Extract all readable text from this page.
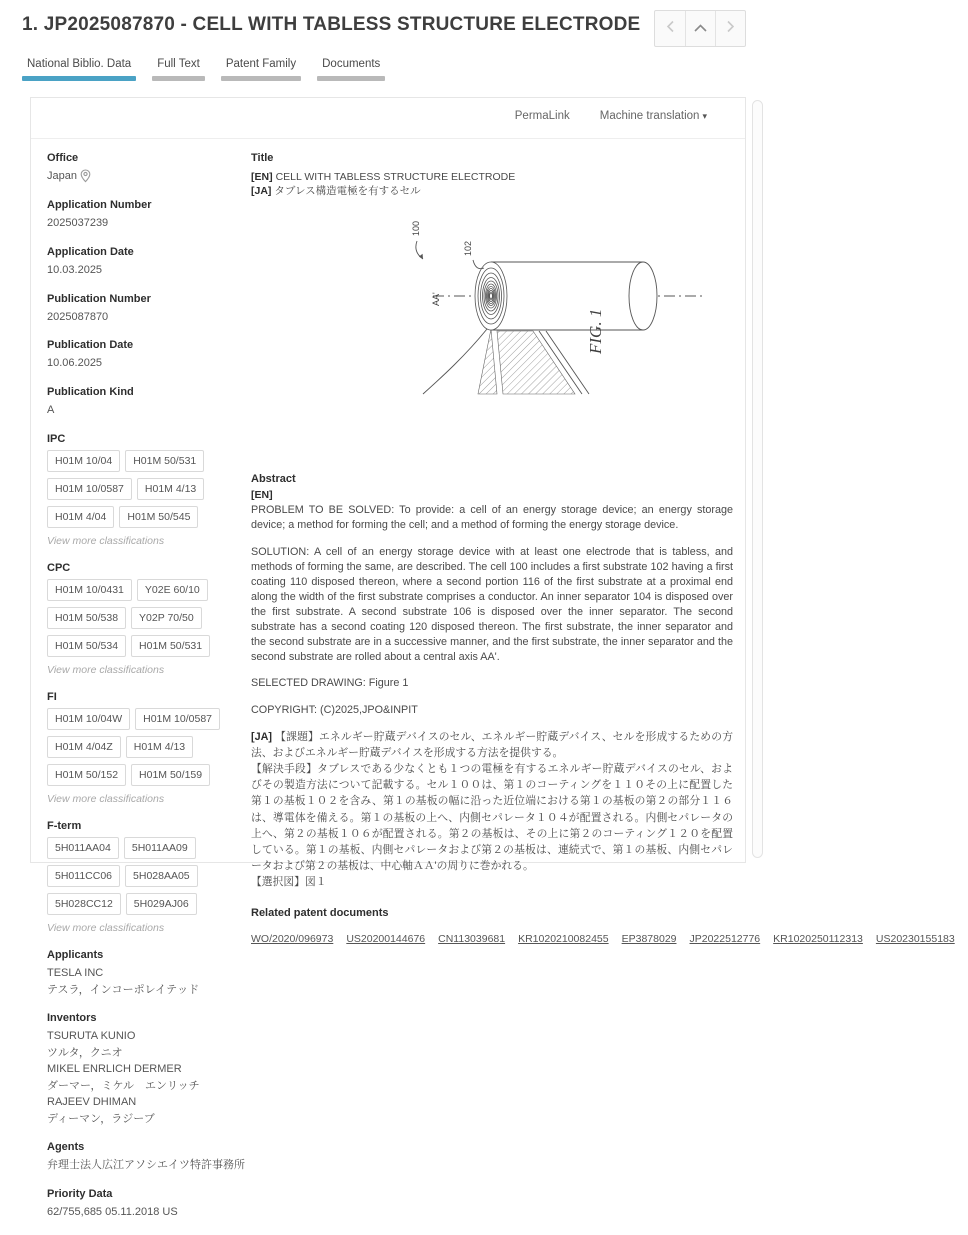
1. JP2025087870 - CELL WITH TABLESS STRUCTURE ELECTRODE
National Biblio. Data	Full Text	Patent Family	Documents
PermaLink	Machine translation ▾
Office
Japan
Application Number
2025037239
Application Date
10.03.2025
Publication Number
2025087870
Publication Date
10.06.2025
Publication Kind
A
IPC
H01M 10/04	H01M 50/531
H01M 10/0587	H01M 4/13
H01M 4/04	H01M 50/545
View more classifications
CPC
H01M 10/0431	Y02E 60/10
H01M 50/538	Y02P 70/50
H01M 50/534	H01M 50/531
View more classifications
FI
H01M 10/04W	H01M 10/0587
H01M 4/04Z	H01M 4/13
H01M 50/152	H01M 50/159
View more classifications
F-term
5H011AA04	5H011AA09
5H011CC06	5H028AA05
5H028CC12	5H029AJ06
View more classifications
Applicants
TESLA INC
テスラ，インコーポレイテッド
Inventors
TSURUTA KUNIO
ツルタ，クニオ
MIKEL ENRLICH DERMER
ダーマー，ミケル　エンリッチ
RAJEEV DHIMAN
ディーマン，ラジーブ
Agents
弁理士法人広江アソシエイツ特許事務所
Priority Data
62/755,685 05.11.2018 US
Title
[EN] CELL WITH TABLESS STRUCTURE ELECTRODE
[JA] タブレス構造電極を有するセル
100
102
AA'
FIG. 1
Abstract
[EN]

PROBLEM TO BE SOLVED: To provide: a cell of an energy storage device; an energy storage device; a method for forming the cell; and a method of forming the energy storage device.

SOLUTION: A cell of an energy storage device with at least one electrode that is tabless, and methods of forming the same, are described. The cell 100 includes a first substrate 102 having a first coating 110 disposed thereon, where a second portion 116 of the first substrate at a proximal end along the width of the first substrate comprises a conductor. An inner separator 104 is disposed over the first substrate. A second substrate 106 is disposed over the inner separator. The second substrate has a second coating 120 disposed thereon. The first substrate, the inner separator and the second substrate are in a successive manner, and the first substrate, the inner separator and the second substrate are rolled about a central axis AA'.

SELECTED DRAWING: Figure 1

COPYRIGHT: (C)2025,JPO&INPIT

[JA] 【課題】エネルギー貯蔵デバイスのセル、エネルギー貯蔵デバイス、セルを形成するための方法、およびエネルギー貯蔵デバイスを形成する方法を提供する。
【解決手段】タブレスである少なくとも１つの電極を有するエネルギー貯蔵デバイスのセル、およびその製造方法について記載する。セル１００は、第１のコーティングを１１０その上に配置した第１の基板１０２を含み、第１の基板の幅に沿った近位端における第１の基板の第２の部分１１６は、導電体を備える。第１の基板の上へ、内側セパレータ１０４が配置される。内側セパレータの上へ、第２の基板１０６が配置される。第２の基板は、その上に第２のコーティング１２０を配置している。第１の基板、内側セパレータおよび第２の基板は、連続式で、第１の基板、内側セパレータおよび第２の基板は、中心軸ＡＡ'の周りに巻かれる。
【選択図】図１

Related patent documents
WO/2020/096973 US20200144676 CN113039681 KR1020210082455 EP3878029 JP2022512776 KR1020250112313 US20230155183
